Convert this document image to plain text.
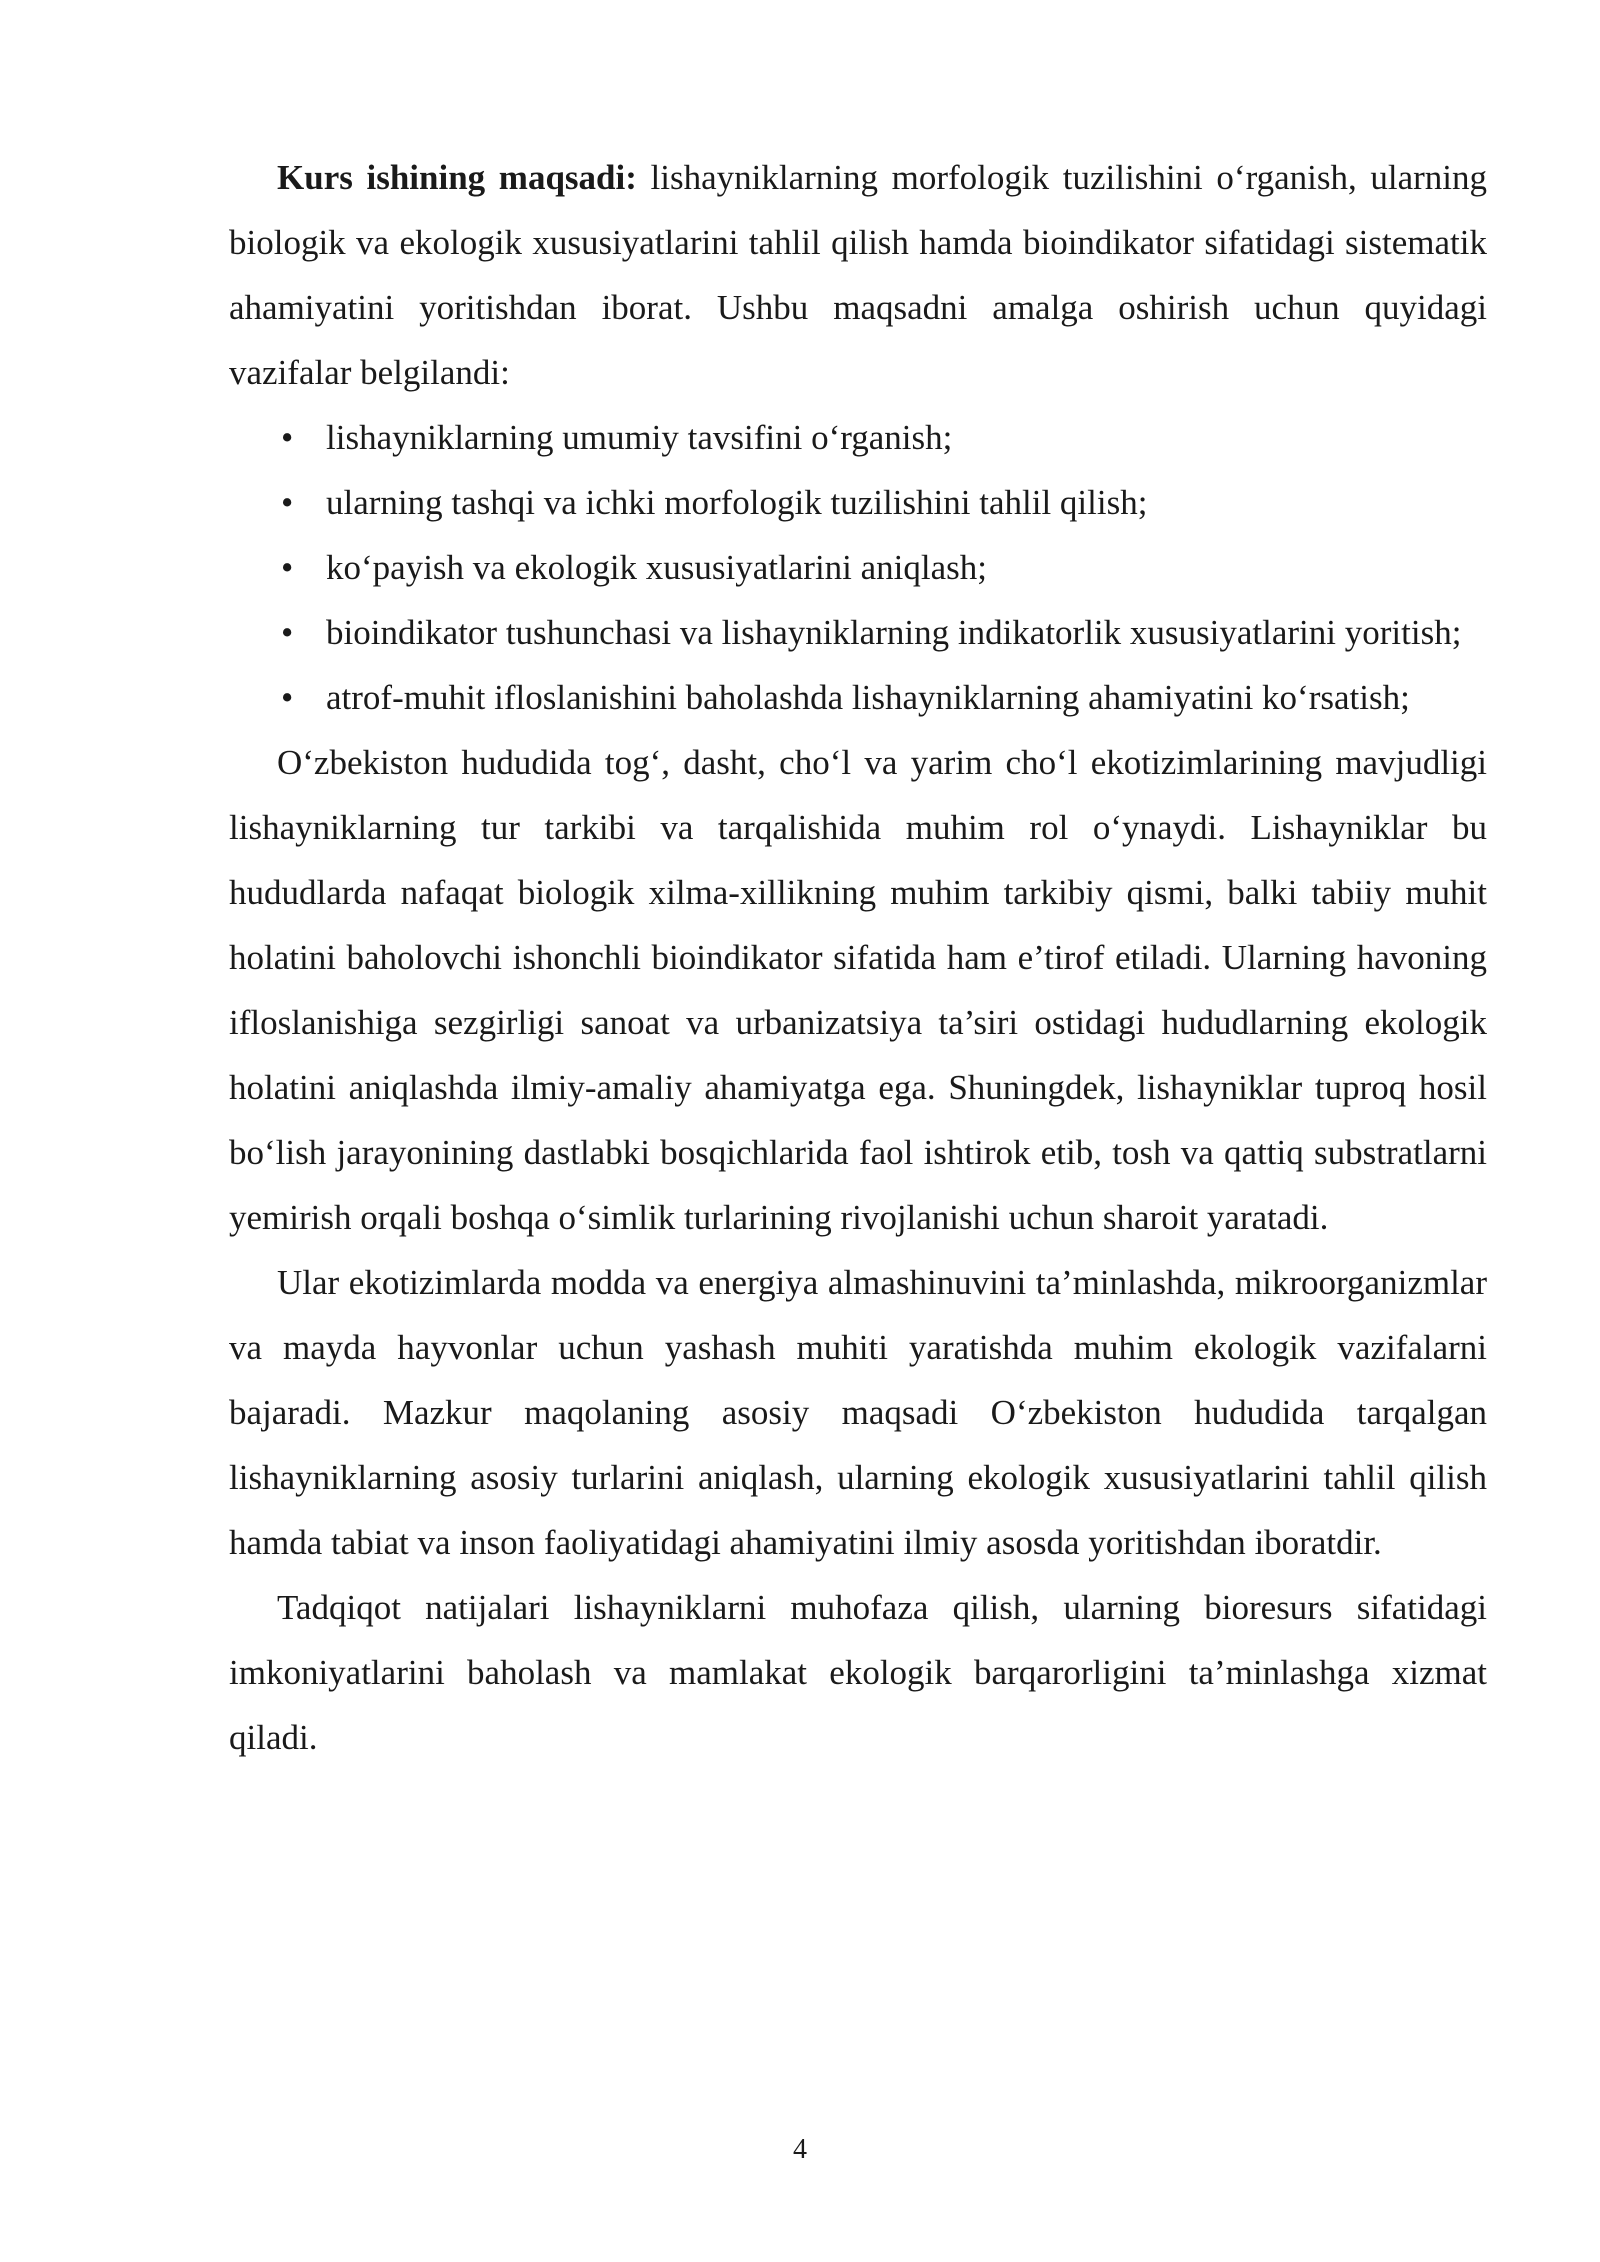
Kurs ishining maqsadi: lishayniklarning morfologik tuzilishini o‘rganish, ularning biologik va ekologik xususiyatlarini tahlil qilish hamda bioindikator sifatidagi sistematik ahamiyatini yoritishdan iborat. Ushbu maqsadni amalga oshirish uchun quyidagi vazifalar belgilandi:

• lishayniklarning umumiy tavsifini o‘rganish;
• ularning tashqi va ichki morfologik tuzilishini tahlil qilish;
• ko‘payish va ekologik xususiyatlarini aniqlash;
• bioindikator tushunchasi va lishayniklarning indikatorlik xususiyatlarini yoritish;
• atrof-muhit ifloslanishini baholashda lishayniklarning ahamiyatini ko‘rsatish;

O‘zbekiston hududida tog‘, dasht, cho‘l va yarim cho‘l ekotizimlarining mavjudligi lishayniklarning tur tarkibi va tarqalishida muhim rol o‘ynaydi. Lishayniklar bu hududlarda nafaqat biologik xilma-xillikning muhim tarkibiy qismi, balki tabiiy muhit holatini baholovchi ishonchli bioindikator sifatida ham e’tirof etiladi. Ularning havoning ifloslanishiga sezgirligi sanoat va urbanizatsiya ta’siri ostidagi hududlarning ekologik holatini aniqlashda ilmiy-amaliy ahamiyatga ega. Shuningdek, lishayniklar tuproq hosil bo‘lish jarayonining dastlabki bosqichlarida faol ishtirok etib, tosh va qattiq substratlarni yemirish orqali boshqa o‘simlik turlarining rivojlanishi uchun sharoit yaratadi.

Ular ekotizimlarda modda va energiya almashinuvini ta’minlashda, mikroorganizmlar va mayda hayvonlar uchun yashash muhiti yaratishda muhim ekologik vazifalarni bajaradi. Mazkur maqolaning asosiy maqsadi O‘zbekiston hududida tarqalgan lishayniklarning asosiy turlarini aniqlash, ularning ekologik xususiyatlarini tahlil qilish hamda tabiat va inson faoliyatidagi ahamiyatini ilmiy asosda yoritishdan iboratdir.

Tadqiqot natijalari lishayniklarni muhofaza qilish, ularning bioresurs sifatidagi imkoniyatlarini baholash va mamlakat ekologik barqarorligini ta’minlashga xizmat qiladi.

4
